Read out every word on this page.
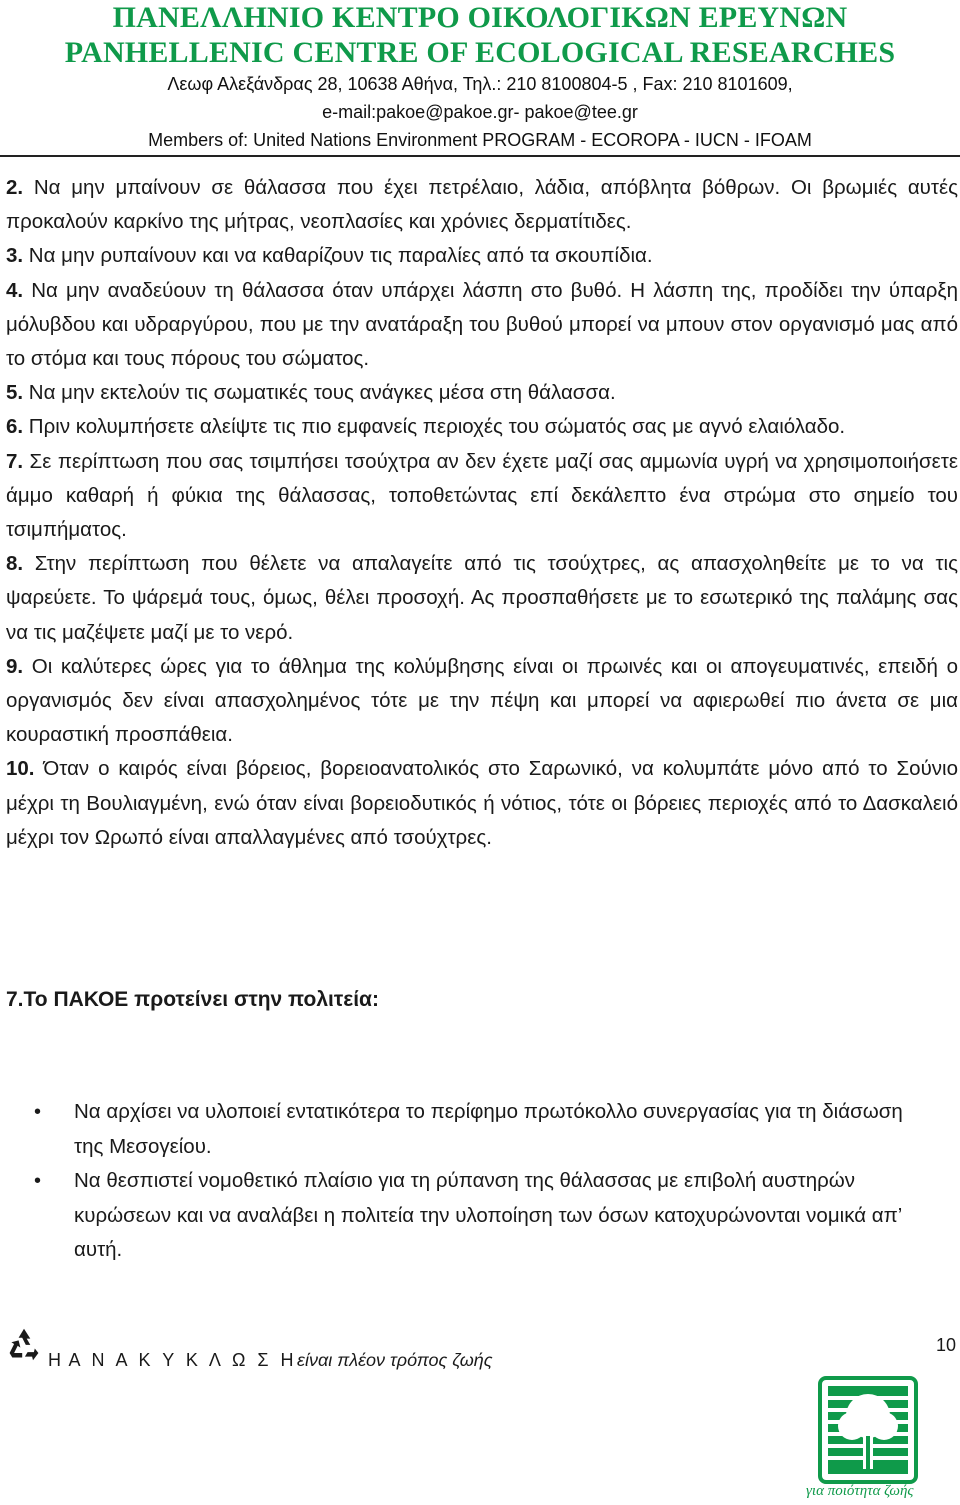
ΠΑΝΕΛΛΗΝΙΟ ΚΕΝΤΡΟ ΟΙΚΟΛΟΓΙΚΩΝ ΕΡΕΥΝΩΝ
PANHELLENIC CENTRE OF ECOLOGICAL RESEARCHES
Λεωφ Αλεξάνδρας 28, 10638 Αθήνα, Τηλ.: 210 8100804-5 , Fax: 210 8101609,
e-mail:pakoe@pakoe.gr- pakoe@tee.gr
Members of: United Nations Environment PROGRAM - ECOROPA - IUCN - IFOAM

2. Να μην μπαίνουν σε θάλασσα που έχει πετρέλαιο, λάδια, απόβλητα βόθρων. Οι βρωμιές αυτές προκαλούν καρκίνο της μήτρας, νεοπλασίες και χρόνιες δερματίτιδες.

3. Να μην ρυπαίνουν και να καθαρίζουν τις παραλίες από τα σκουπίδια.

4. Να μην αναδεύουν τη θάλασσα όταν υπάρχει λάσπη στο βυθό. Η λάσπη της, προδίδει την ύπαρξη μόλυβδου και υδραργύρου, που με την ανατάραξη του βυθού μπορεί να μπουν στον οργανισμό μας από το στόμα και τους πόρους του σώματος.

5. Να μην εκτελούν τις σωματικές τους ανάγκες μέσα στη θάλασσα.

6. Πριν κολυμπήσετε αλείψτε τις πιο εμφανείς περιοχές του σώματός σας με αγνό ελαιόλαδο.

7. Σε περίπτωση που σας τσιμπήσει τσούχτρα αν δεν έχετε μαζί σας αμμωνία υγρή να χρησιμοποιήσετε άμμο καθαρή ή φύκια της θάλασσας, τοποθετώντας επί δεκάλεπτο ένα στρώμα στο σημείο του τσιμπήματος.

8. Στην περίπτωση που θέλετε να απαλαγείτε από τις τσούχτρες, ας απασχοληθείτε με το να τις ψαρεύετε. Το ψάρεμά τους, όμως, θέλει προσοχή. Ας προσπαθήσετε με το εσωτερικό της παλάμης σας να τις μαζέψετε μαζί με το νερό.

9. Οι καλύτερες ώρες για το άθλημα της κολύμβησης είναι οι πρωινές και οι απογευματινές, επειδή ο οργανισμός δεν είναι απασχολημένος τότε με την πέψη και μπορεί να αφιερωθεί πιο άνετα σε μια κουραστική προσπάθεια.

10. Όταν ο καιρός είναι βόρειος, βορειοανατολικός στο Σαρωνικό, να κολυμπάτε μόνο από το Σούνιο μέχρι τη Βουλιαγμένη, ενώ όταν είναι βορειοδυτικός ή νότιος, τότε οι βόρειες περιοχές από το Δασκαλειό μέχρι τον Ωρωπό είναι απαλλαγμένες από τσούχτρες.

7.Το ΠΑΚΟΕ προτείνει στην πολιτεία:
• Να αρχίσει να υλοποιεί εντατικότερα το περίφημο πρωτόκολλο συνεργασίας για τη διάσωση της Μεσογείου.
• Να θεσπιστεί νομοθετικό πλαίσιο για τη ρύπανση της θάλασσας με επιβολή αυστηρών κυρώσεων και να αναλάβει η πολιτεία την υλοποίηση των όσων κατοχυρώνονται νομικά απ’ αυτή.
Η Α Ν Α Κ Υ Κ Λ Ω Σ Ηείναι πλέον τρόπος ζωής
10
για ποιότητα ζωής
